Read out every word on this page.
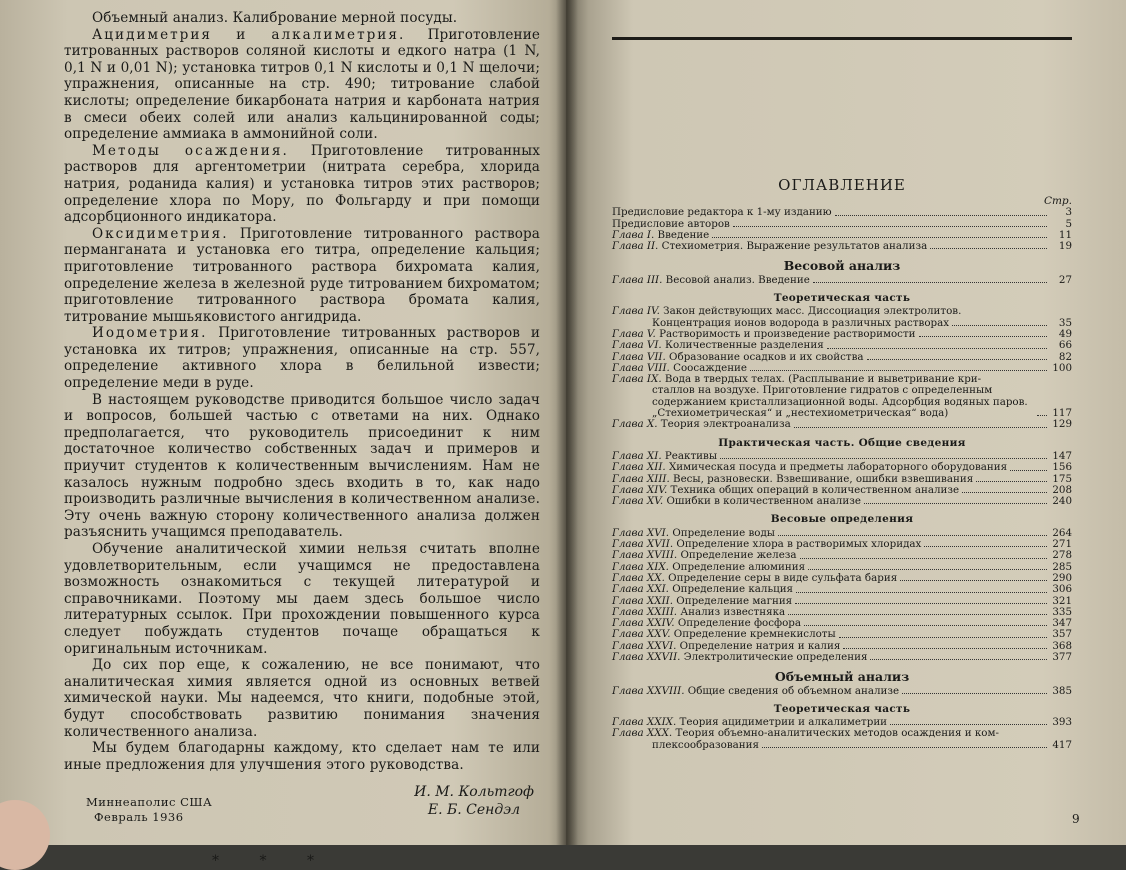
Объемный анализ. Калибрование мерной посуды.

Ацидиметрия и алкалиметрия. Приготовление титрованных растворов соляной кислоты и едкого натра (1 N, 0,1 N и 0,01 N); установка титров 0,1 N кислоты и 0,1 N щелочи; упражнения, описанные на стр. 490; титрование слабой кислоты; определение бикарбоната натрия и карбоната натрия в смеси обеих солей или анализ кальцинированной соды; определение аммиака в аммонийной соли.

Методы осаждения. Приготовление титрованных растворов для аргентометрии (нитрата серебра, хлорида натрия, роданида калия) и установка титров этих растворов; определение хлора по Мору, по Фольгарду и при помощи адсорбционного индикатора.

Оксидиметрия. Приготовление титрованного раствора перманганата и установка его титра, определение кальция; приготовление титрованного раствора бихромата калия, определение железа в железной руде титрованием бихроматом; приготовление титрованного раствора бромата калия, титрование мышьяковистого ангидрида.

Иодометрия. Приготовление титрованных растворов и установка их титров; упражнения, описанные на стр. 557, определение активного хлора в белильной извести; определение меди в руде.

В настоящем руководстве приводится большое число задач и вопросов, большей частью с ответами на них. Однако предполагается, что руководитель присоединит к ним достаточное количество собственных задач и примеров и приучит студентов к количественным вычислениям. Нам не казалось нужным подробно здесь входить в то, как надо производить различные вычисления в количественном анализе. Эту очень важную сторону количественного анализа должен разъяснить учащимся преподаватель.

Обучение аналитической химии нельзя считать вполне удовлетворительным, если учащимся не предоставлена возможность ознакомиться с текущей литературой и справочниками. Поэтому мы даем здесь большое число литературных ссылок. При прохождении повышенного курса следует побуждать студентов почаще обращаться к оригинальным источникам.

До сих пор еще, к сожалению, не все понимают, что аналитическая химия является одной из основных ветвей химической науки. Мы надеемся, что книги, подобные этой, будут способствовать развитию понимания значения количественного анализа.

Мы будем благодарны каждому, кто сделает нам те или иные предложения для улучшения этого руководства.

И. М. Кольтгоф
Е. Б. Сендэл
Миннеаполис США
Февраль 1936
* * *
ОГЛАВЛЕНИЕ
Стр.
Предисловие редактора к 1-му изданию	3
Предисловие авторов	5
Глава I. Введение	11
Глава II. Стехиометрия. Выражение результатов анализа	19
Весовой анализ
Глава III. Весовой анализ. Введение	27
Теоретическая часть
Глава IV. Закон действующих масс. Диссоциация электролитов.
Концентрация ионов водорода в различных растворах	35
Глава V. Растворимость и произведение растворимости	49
Глава VI. Количественные разделения	66
Глава VII. Образование осадков и их свойства	82
Глава VIII. Соосаждение	100
Глава IX. Вода в твердых телах. (Расплывание и выветривание кри-
сталлов на воздухе. Приготовление гидратов с определенным содержанием кристаллизационной воды. Адсорбция водяных паров. „Стехиометрическая“ и „нестехиометрическая“ вода)	117
Глава X. Теория электроанализа	129
Практическая часть. Общие сведения
Глава XI. Реактивы	147
Глава XII. Химическая посуда и предметы лабораторного оборудования	156
Глава XIII. Весы, разновески. Взвешивание, ошибки взвешивания	175
Глава XIV. Техника общих операций в количественном анализе	208
Глава XV. Ошибки в количественном анализе	240
Весовые определения
Глава XVI. Определение воды	264
Глава XVII. Определение хлора в растворимых хлоридах	271
Глава XVIII. Определение железа	278
Глава XIX. Определение алюминия	285
Глава XX. Определение серы в виде сульфата бария	290
Глава XXI. Определение кальция	306
Глава XXII. Определение магния	321
Глава XXIII. Анализ известняка	335
Глава XXIV. Определение фосфора	347
Глава XXV. Определение кремнекислоты	357
Глава XXVI. Определение натрия и калия	368
Глава XXVII. Электролитические определения	377
Объемный анализ
Глава XXVIII. Общие сведения об объемном анализе	385
Теоретическая часть
Глава XXIX. Теория ацидиметрии и алкалиметрии	393
Глава XXX. Теория объемно-аналитических методов осаждения и ком-
плексообразования	417
9
